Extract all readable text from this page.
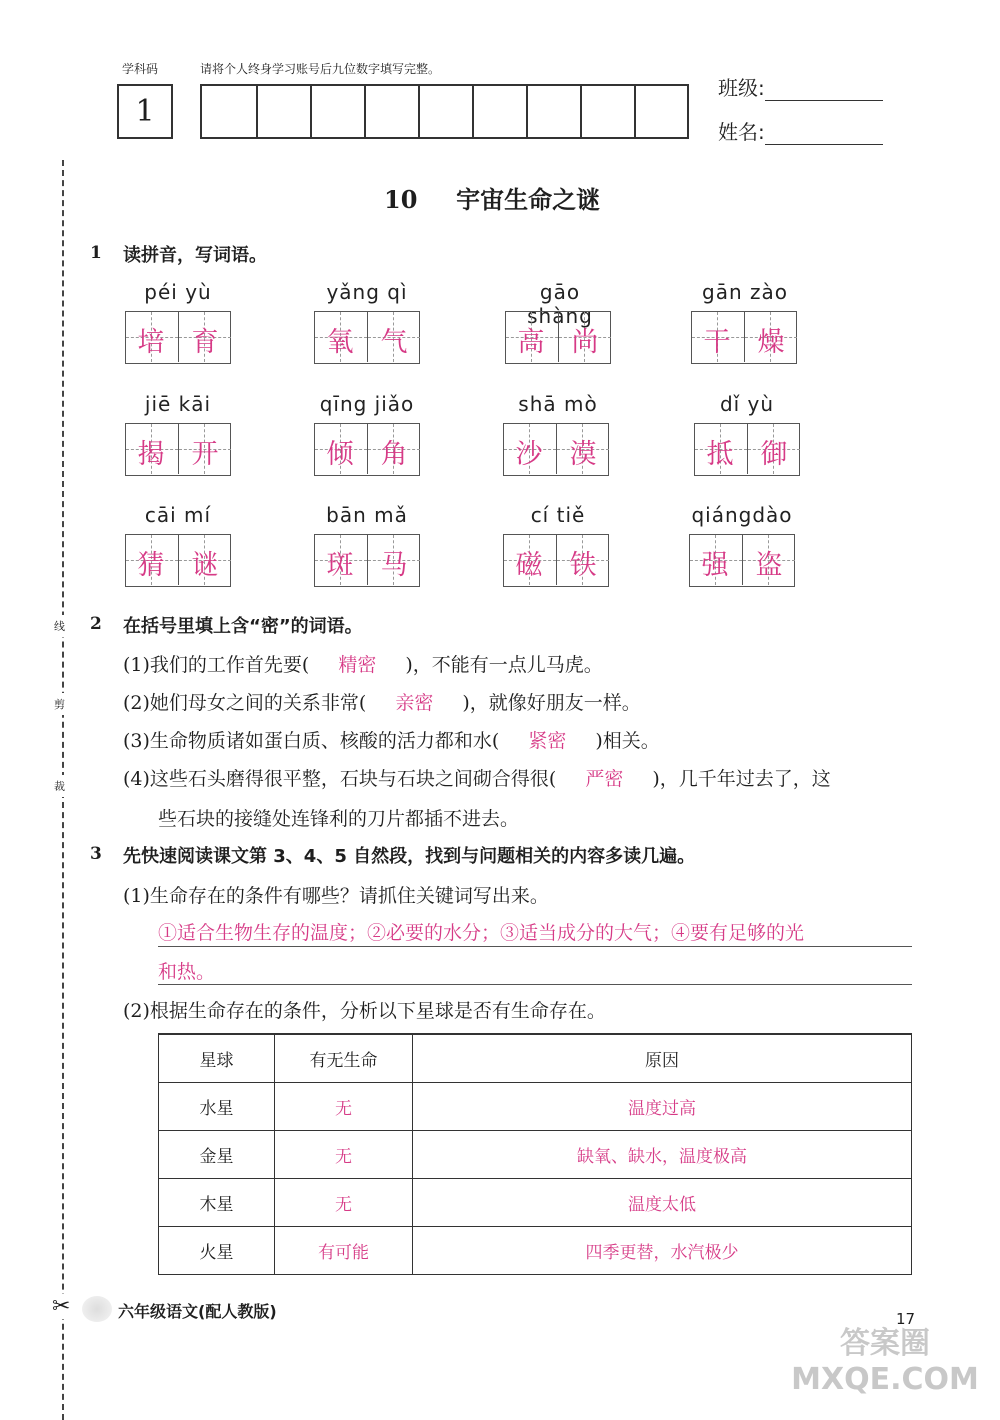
学科码	请将个人终身学习账号后九位数字填写完整。
1
班级:
姓名:
线
剪
裁
✂
10 宇宙生命之谜
1 读拼音，写词语。
péi yù
培　 育
yǎng qì
氧　 气
gāo shàng
高　 尚
gān zào
干　 燥
jiē kāi
揭　 开
qīng jiǎo
倾　 角
shā mò
沙　 漠
dǐ yù
抵　 御
cāi mí
猜　 谜
bān mǎ
斑　 马
cí tiě
磁　 铁
qiángdào
强　 盗
2 在括号里填上含“密”的词语。
(1)我们的工作首先要( 精密 )，不能有一点儿马虎。
(2)她们母女之间的关系非常( 亲密 )，就像好朋友一样。
(3)生命物质诸如蛋白质、核酸的活力都和水( 紧密 )相关。
(4)这些石头磨得很平整，石块与石块之间砌合得很( 严密 )，几千年过去了，这
些石块的接缝处连锋利的刀片都插不进去。
3 先快速阅读课文第 3、4、5 自然段，找到与问题相关的内容多读几遍。
(1)生命存在的条件有哪些？请抓住关键词写出来。
①适合生物生存的温度；②必要的水分；③适当成分的大气；④要有足够的光
和热。
(2)根据生命存在的条件，分析以下星球是否有生命存在。
星球	有无生命	原因
水星	无	温度过高
金星	无	缺氧、缺水，温度极高
木星	无	温度太低
火星	有可能	四季更替，水汽极少
六年级语文(配人教版)	17
答案圈 MXQE.COM
